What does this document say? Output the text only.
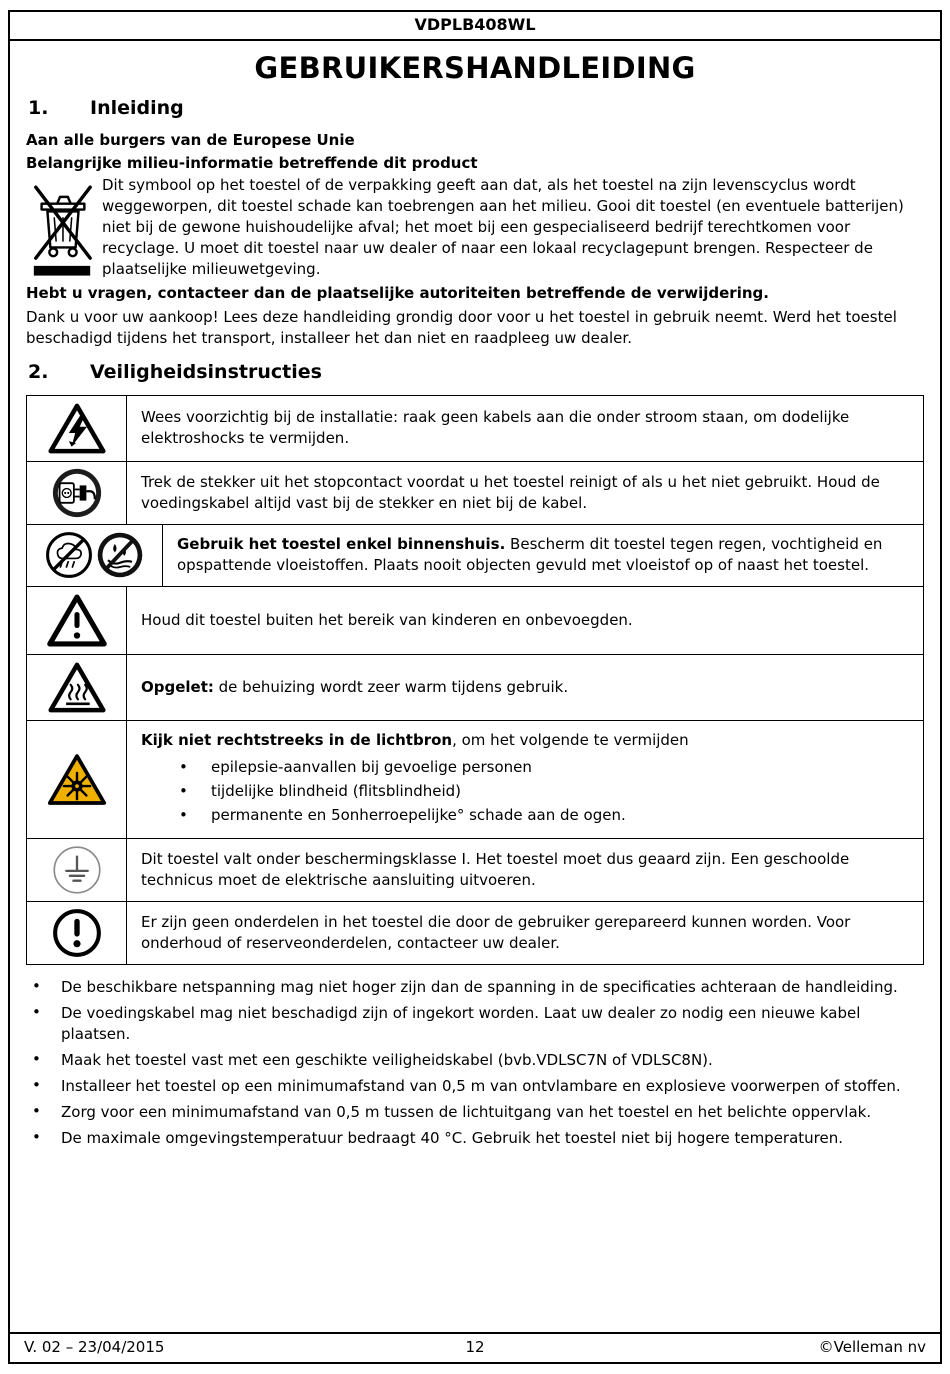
VDPLB408WL
GEBRUIKERSHANDLEIDING
1. Inleiding

Aan alle burgers van de Europese Unie

Belangrijke milieu-informatie betreffende dit product

Dit symbool op het toestel of de verpakking geeft aan dat, als het toestel na zijn levenscyclus wordt weggeworpen, dit toestel schade kan toebrengen aan het milieu. Gooi dit toestel (en eventuele batterijen) niet bij de gewone huishoudelijke afval; het moet bij een gespecialiseerd bedrijf terechtkomen voor recyclage. U moet dit toestel naar uw dealer of naar een lokaal recyclagepunt brengen. Respecteer de plaatselijke milieuwetgeving.

Hebt u vragen, contacteer dan de plaatselijke autoriteiten betreffende de verwijdering.

Dank u voor uw aankoop! Lees deze handleiding grondig door voor u het toestel in gebruik neemt. Werd het toestel beschadigd tijdens het transport, installeer het dan niet en raadpleeg uw dealer.

2. Veiligheidsinstructies

Wees voorzichtig bij de installatie: raak geen kabels aan die onder stroom staan, om dodelijke elektroshocks te vermijden.

Trek de stekker uit het stopcontact voordat u het toestel reinigt of als u het niet gebruikt. Houd de voedingskabel altijd vast bij de stekker en niet bij de kabel.

Gebruik het toestel enkel binnenshuis. Bescherm dit toestel tegen regen, vochtigheid en opspattende vloeistoffen. Plaats nooit objecten gevuld met vloeistof op of naast het toestel.

Houd dit toestel buiten het bereik van kinderen en onbevoegden.

Opgelet: de behuizing wordt zeer warm tijdens gebruik.

Kijk niet rechtstreeks in de lichtbron, om het volgende te vermijden

• epilepsie-aanvallen bij gevoelige personen
• tijdelijke blindheid (flitsblindheid)
• permanente en 5onherroepelijke° schade aan de ogen.

Dit toestel valt onder beschermingsklasse I. Het toestel moet dus geaard zijn. Een geschoolde technicus moet de elektrische aansluiting uitvoeren.

Er zijn geen onderdelen in het toestel die door de gebruiker gerepareerd kunnen worden. Voor onderhoud of reserveonderdelen, contacteer uw dealer.

• De beschikbare netspanning mag niet hoger zijn dan de spanning in de specificaties achteraan de handleiding.
• De voedingskabel mag niet beschadigd zijn of ingekort worden. Laat uw dealer zo nodig een nieuwe kabel plaatsen.
• Maak het toestel vast met een geschikte veiligheidskabel (bvb.VDLSC7N of VDLSC8N).
• Installeer het toestel op een minimumafstand van 0,5 m van ontvlambare en explosieve voorwerpen of stoffen.
• Zorg voor een minimumafstand van 0,5 m tussen de lichtuitgang van het toestel en het belichte oppervlak.
• De maximale omgevingstemperatuur bedraagt 40 °C. Gebruik het toestel niet bij hogere temperaturen.
V. 02 – 23/04/2015	12	©Velleman nv
